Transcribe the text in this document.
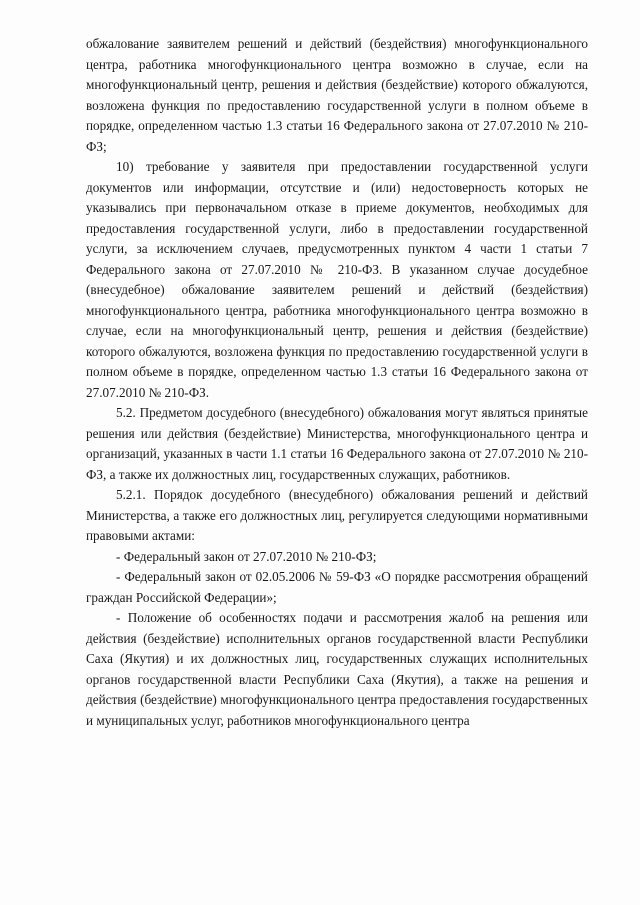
обжалование заявителем решений и действий (бездействия) многофункционального центра, работника многофункционального центра возможно в случае, если на многофункциональный центр, решения и действия (бездействие) которого обжалуются, возложена функция по предоставлению государственной услуги в полном объеме в порядке, определенном частью 1.3 статьи 16 Федерального закона от 27.07.2010 № 210-ФЗ;

10) требование у заявителя при предоставлении государственной услуги документов или информации, отсутствие и (или) недостоверность которых не указывались при первоначальном отказе в приеме документов, необходимых для предоставления государственной услуги, либо в предоставлении государственной услуги, за исключением случаев, предусмотренных пунктом 4 части 1 статьи 7 Федерального закона от 27.07.2010 № 210-ФЗ. В указанном случае досудебное (внесудебное) обжалование заявителем решений и действий (бездействия) многофункционального центра, работника многофункционального центра возможно в случае, если на многофункциональный центр, решения и действия (бездействие) которого обжалуются, возложена функция по предоставлению государственной услуги в полном объеме в порядке, определенном частью 1.3 статьи 16 Федерального закона от 27.07.2010 № 210-ФЗ.

5.2. Предметом досудебного (внесудебного) обжалования могут являться принятые решения или действия (бездействие) Министерства, многофункционального центра и организаций, указанных в части 1.1 статьи 16 Федерального закона от 27.07.2010 № 210-ФЗ, а также их должностных лиц, государственных служащих, работников.

5.2.1. Порядок досудебного (внесудебного) обжалования решений и действий Министерства, а также его должностных лиц, регулируется следующими нормативными правовыми актами:

- Федеральный закон от 27.07.2010 № 210-ФЗ;

- Федеральный закон от 02.05.2006 № 59-ФЗ «О порядке рассмотрения обращений граждан Российской Федерации»;

- Положение об особенностях подачи и рассмотрения жалоб на решения или действия (бездействие) исполнительных органов государственной власти Республики Саха (Якутия) и их должностных лиц, государственных служащих исполнительных органов государственной власти Республики Саха (Якутия), а также на решения и действия (бездействие) многофункционального центра предоставления государственных и муниципальных услуг, работников многофункционального центра
